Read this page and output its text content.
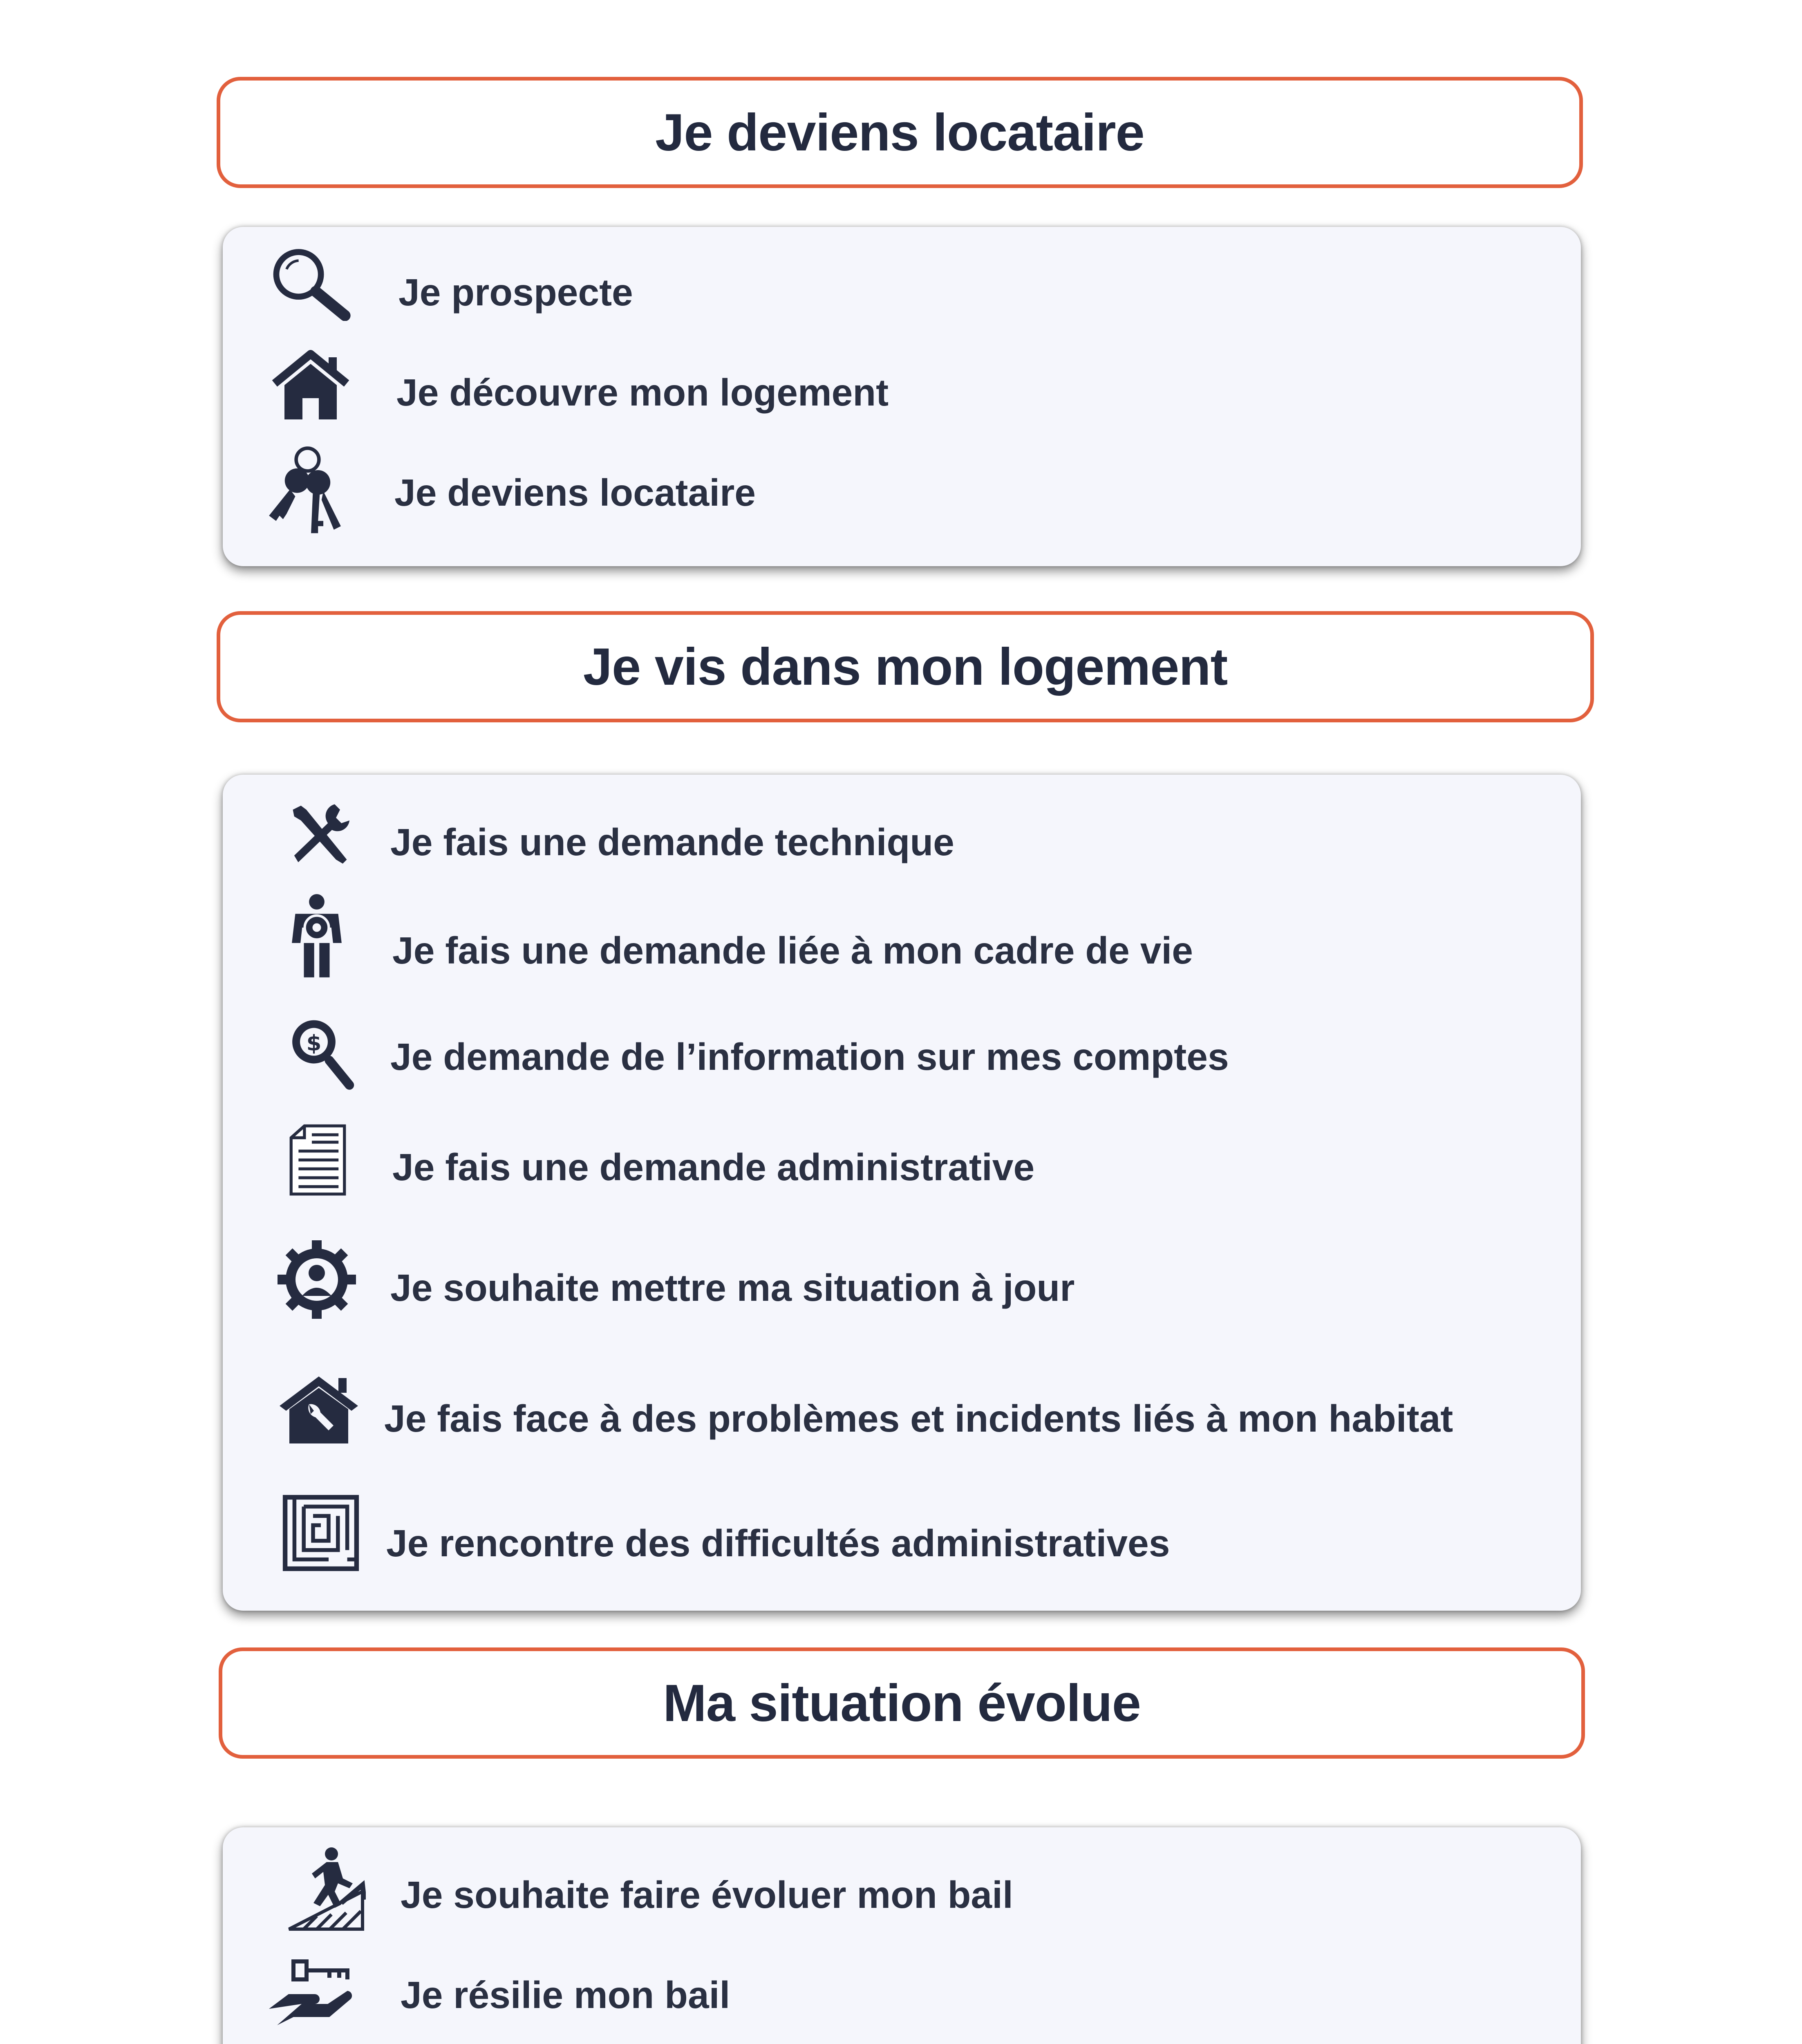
Je deviens locataire
Je prospecte
Je découvre mon logement
Je deviens locataire
Je vis dans mon logement
Je fais une demande technique
Je fais une demande liée à mon cadre de vie
$ Je demande de l’information sur mes comptes
Je fais une demande administrative
Je souhaite mettre ma situation à jour
Je fais face à des problèmes et incidents liés à mon habitat
Je rencontre des difficultés administratives
Ma situation évolue
Je souhaite faire évoluer mon bail
Je résilie mon bail
